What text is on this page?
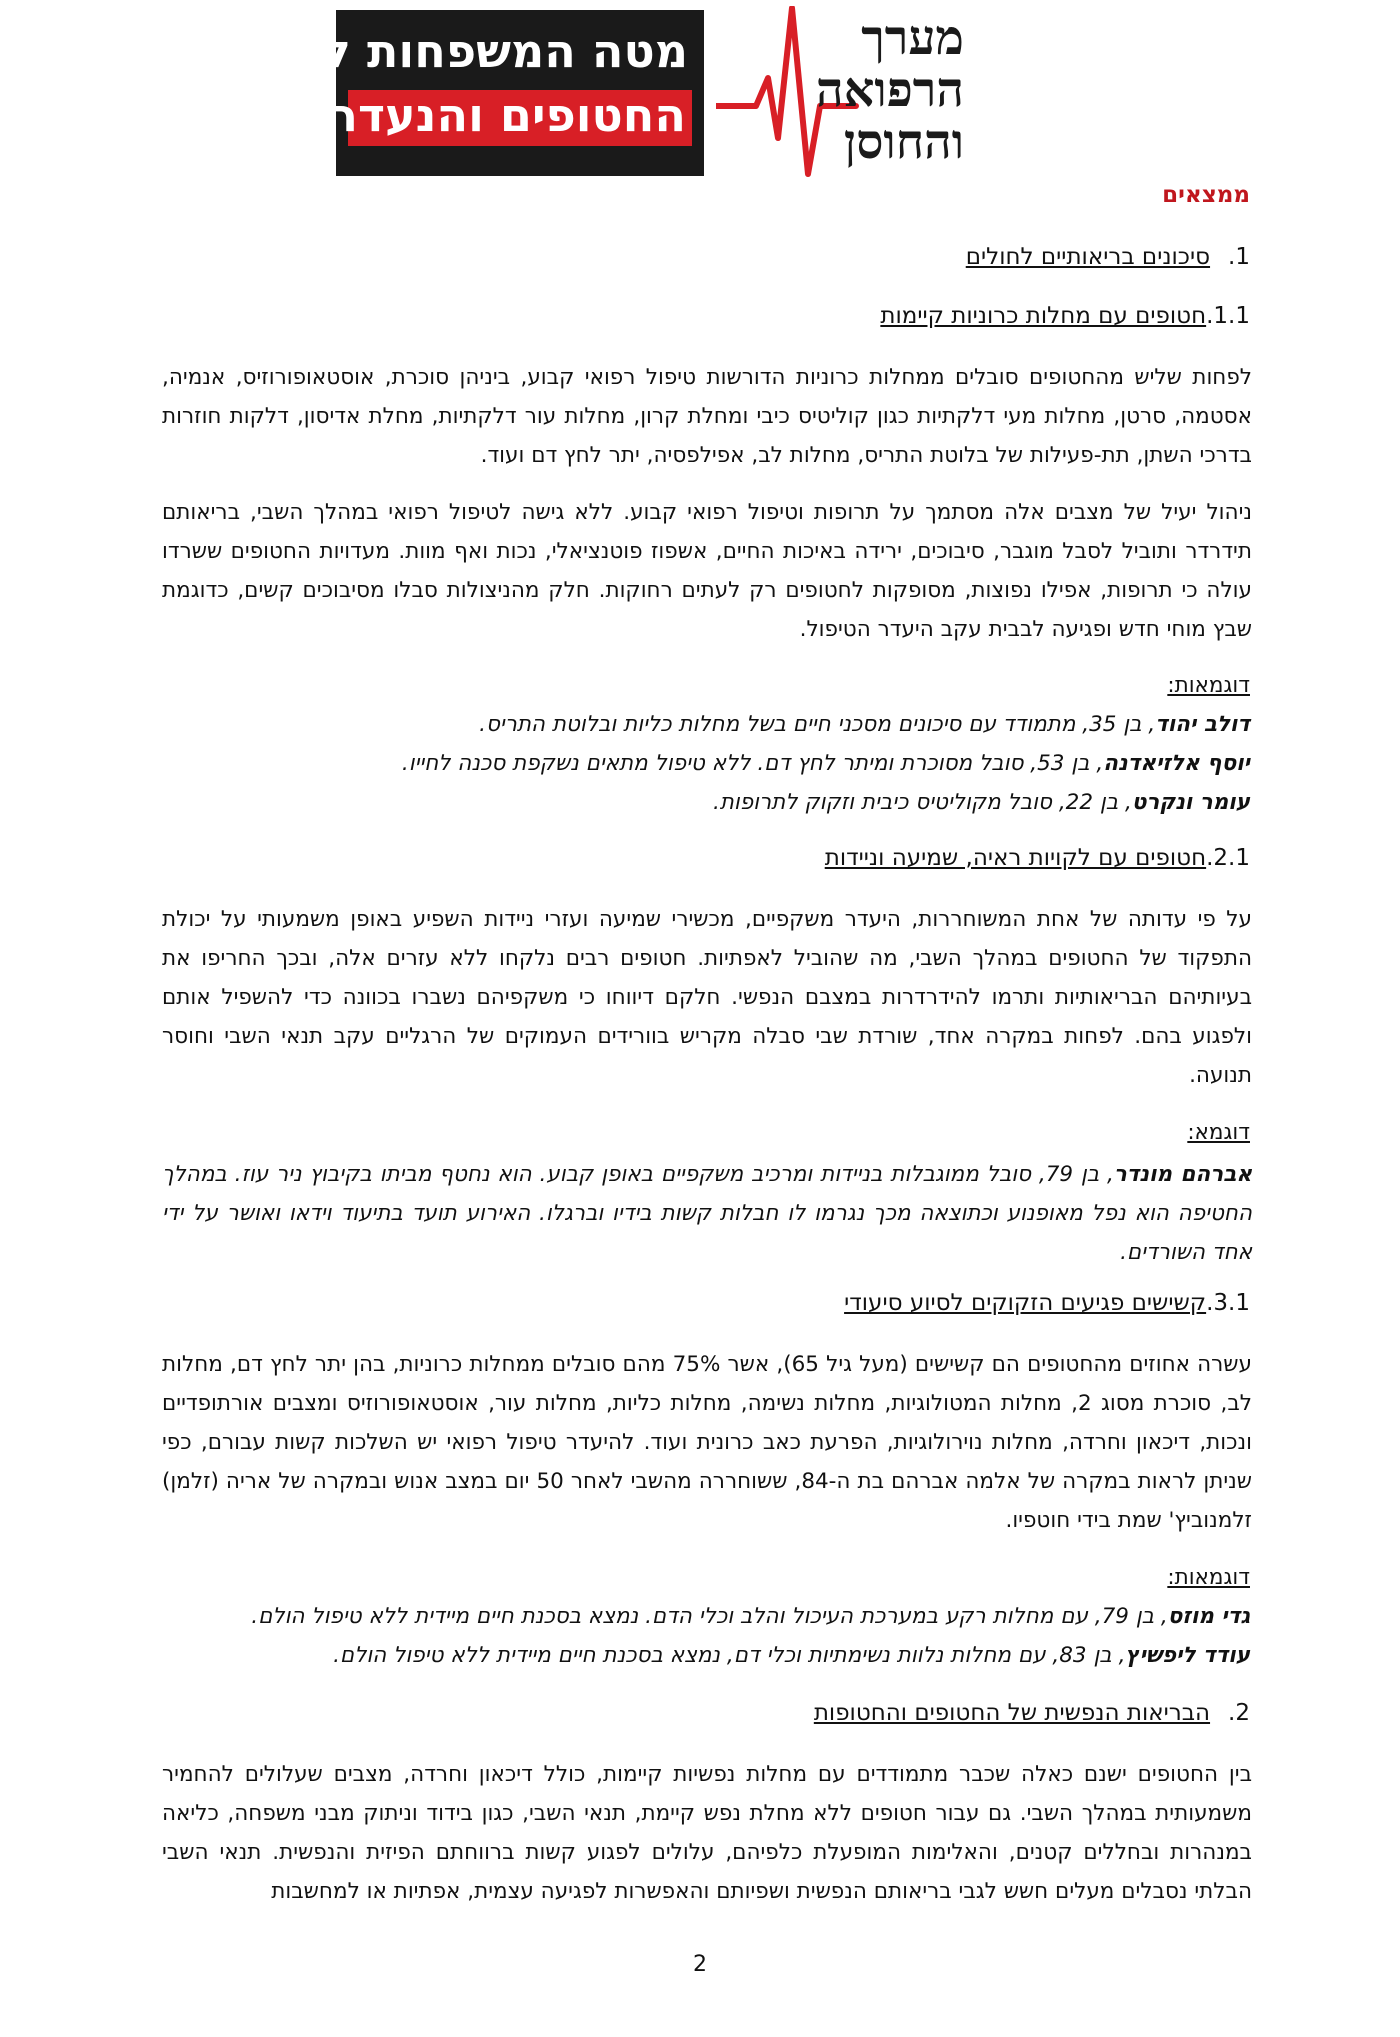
מטה המשפחות להחזרת
החטופים והנעדרים
מערך
הרפואה
והחוסן
ממצאים
1.סיכונים בריאותיים לחולים
1.1.חטופים עם מחלות כרוניות קיימות
לפחות שליש מהחטופים סובלים ממחלות כרוניות הדורשות טיפול רפואי קבוע, ביניהן סוכרת, אוסטאופורוזיס, אנמיה, אסטמה, סרטן, מחלות מעי דלקתיות כגון קוליטיס כיבי ומחלת קרון, מחלות עור דלקתיות, מחלת אדיסון, דלקות חוזרות בדרכי השתן, תת-פעילות של בלוטת התריס, מחלות לב, אפילפסיה, יתר לחץ דם ועוד.
ניהול יעיל של מצבים אלה מסתמך על תרופות וטיפול רפואי קבוע. ללא גישה לטיפול רפואי במהלך השבי, בריאותם תידרדר ותוביל לסבל מוגבר, סיבוכים, ירידה באיכות החיים, אשפוז פוטנציאלי, נכות ואף מוות. מעדויות החטופים ששרדו עולה כי תרופות, אפילו נפוצות, מסופקות לחטופים רק לעתים רחוקות. חלק מהניצולות סבלו מסיבוכים קשים, כדוגמת שבץ מוחי חדש ופגיעה לבבית עקב היעדר הטיפול.
דוגמאות:
דולב יהוד, בן 35, מתמודד עם סיכונים מסכני חיים בשל מחלות כליות ובלוטת התריס.
יוסף אלזיאדנה, בן 53, סובל מסוכרת ומיתר לחץ דם. ללא טיפול מתאים נשקפת סכנה לחייו.
עומר ונקרט, בן 22, סובל מקוליטיס כיבית וזקוק לתרופות.
2.1.חטופים עם לקויות ראיה, שמיעה וניידות
על פי עדותה של אחת המשוחררות, היעדר משקפיים, מכשירי שמיעה ועזרי ניידות השפיע באופן משמעותי על יכולת התפקוד של החטופים במהלך השבי, מה שהוביל לאפתיות. חטופים רבים נלקחו ללא עזרים אלה, ובכך החריפו את בעיותיהם הבריאותיות ותרמו להידרדרות במצבם הנפשי. חלקם דיווחו כי משקפיהם נשברו בכוונה כדי להשפיל אותם ולפגוע בהם. לפחות במקרה אחד, שורדת שבי סבלה מקריש בוורידים העמוקים של הרגליים עקב תנאי השבי וחוסר תנועה.
דוגמא:
אברהם מונדר, בן 79, סובל ממוגבלות בניידות ומרכיב משקפיים באופן קבוע. הוא נחטף מביתו בקיבוץ ניר עוז. במהלך החטיפה הוא נפל מאופנוע וכתוצאה מכך נגרמו לו חבלות קשות בידיו וברגלו. האירוע תועד בתיעוד וידאו ואושר על ידי אחד השורדים.
3.1.קשישים פגיעים הזקוקים לסיוע סיעודי
עשרה אחוזים מהחטופים הם קשישים (מעל גיל 65), אשר 75% מהם סובלים ממחלות כרוניות, בהן יתר לחץ דם, מחלות לב, סוכרת מסוג 2, מחלות המטולוגיות, מחלות נשימה, מחלות כליות, מחלות עור, אוסטאופורוזיס ומצבים אורתופדיים ונכות, דיכאון וחרדה, מחלות נוירולוגיות, הפרעת כאב כרונית ועוד. להיעדר טיפול רפואי יש השלכות קשות עבורם, כפי שניתן לראות במקרה של אלמה אברהם בת ה-84, ששוחררה מהשבי לאחר 50 יום במצב אנוש ובמקרה של אריה (זלמן) זלמנוביץ' שמת בידי חוטפיו.
דוגמאות:
גדי מוזס, בן 79, עם מחלות רקע במערכת העיכול והלב וכלי הדם. נמצא בסכנת חיים מיידית ללא טיפול הולם.
עודד ליפשיץ, בן 83, עם מחלות נלוות נשימתיות וכלי דם, נמצא בסכנת חיים מיידית ללא טיפול הולם.
2.הבריאות הנפשית של החטופים והחטופות
בין החטופים ישנם כאלה שכבר מתמודדים עם מחלות נפשיות קיימות, כולל דיכאון וחרדה, מצבים שעלולים להחמיר משמעותית במהלך השבי. גם עבור חטופים ללא מחלת נפש קיימת, תנאי השבי, כגון בידוד וניתוק מבני משפחה, כליאה במנהרות ובחללים קטנים, והאלימות המופעלת כלפיהם, עלולים לפגוע קשות ברווחתם הפיזית והנפשית. תנאי השבי הבלתי נסבלים מעלים חשש לגבי בריאותם הנפשית ושפיותם והאפשרות לפגיעה עצמית, אפתיות או למחשבות
2
